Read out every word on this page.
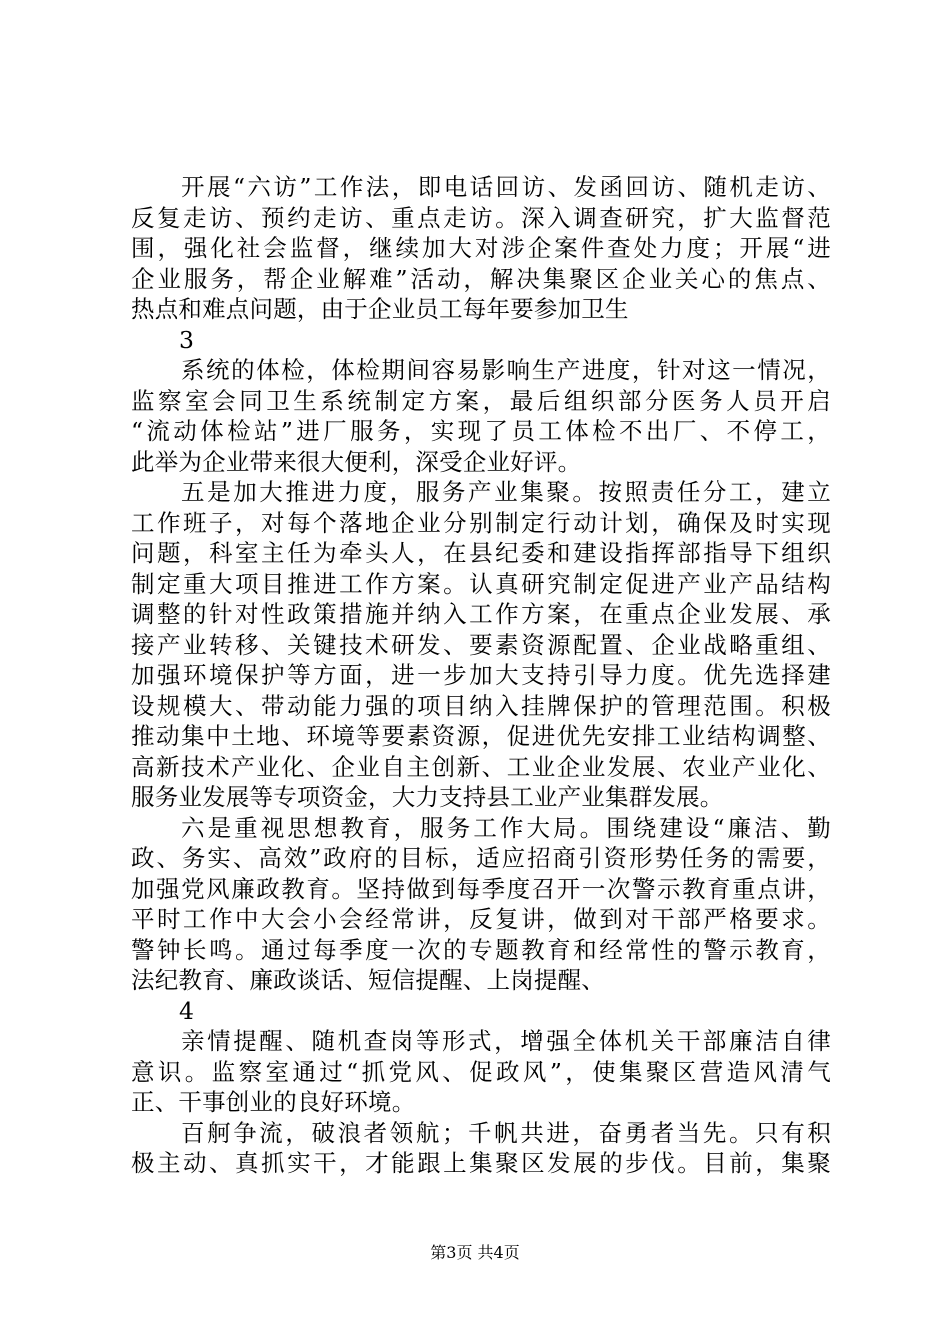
开展“六访”工作法，即电话回访、发函回访、随机走访、
反复走访、预约走访、重点走访。深入调查研究，扩大监督范
围，强化社会监督，继续加大对涉企案件查处力度；开展“进
企业服务，帮企业解难”活动，解决集聚区企业关心的焦点、
热点和难点问题，由于企业员工每年要参加卫生
3
系统的体检，体检期间容易影响生产进度，针对这一情况，
监察室会同卫生系统制定方案，最后组织部分医务人员开启
“流动体检站”进厂服务，实现了员工体检不出厂、不停工，
此举为企业带来很大便利，深受企业好评。
五是加大推进力度，服务产业集聚。按照责任分工，建立
工作班子，对每个落地企业分别制定行动计划，确保及时实现
问题，科室主任为牵头人，在县纪委和建设指挥部指导下组织
制定重大项目推进工作方案。认真研究制定促进产业产品结构
调整的针对性政策措施并纳入工作方案，在重点企业发展、承
接产业转移、关键技术研发、要素资源配置、企业战略重组、
加强环境保护等方面，进一步加大支持引导力度。优先选择建
设规模大、带动能力强的项目纳入挂牌保护的管理范围。积极
推动集中土地、环境等要素资源，促进优先安排工业结构调整、
高新技术产业化、企业自主创新、工业企业发展、农业产业化、
服务业发展等专项资金，大力支持县工业产业集群发展。
六是重视思想教育，服务工作大局。围绕建设“廉洁、勤
政、务实、高效”政府的目标，适应招商引资形势任务的需要，
加强党风廉政教育。坚持做到每季度召开一次警示教育重点讲，
平时工作中大会小会经常讲，反复讲，做到对干部严格要求。
警钟长鸣。通过每季度一次的专题教育和经常性的警示教育，
法纪教育、廉政谈话、短信提醒、上岗提醒、
4
亲情提醒、随机查岗等形式，增强全体机关干部廉洁自律
意识。监察室通过“抓党风、促政风”，使集聚区营造风清气
正、干事创业的良好环境。
第3页 共4页
百舸争流，破浪者领航；千帆共进，奋勇者当先。只有积
极主动、真抓实干，才能跟上集聚区发展的步伐。目前，集聚
